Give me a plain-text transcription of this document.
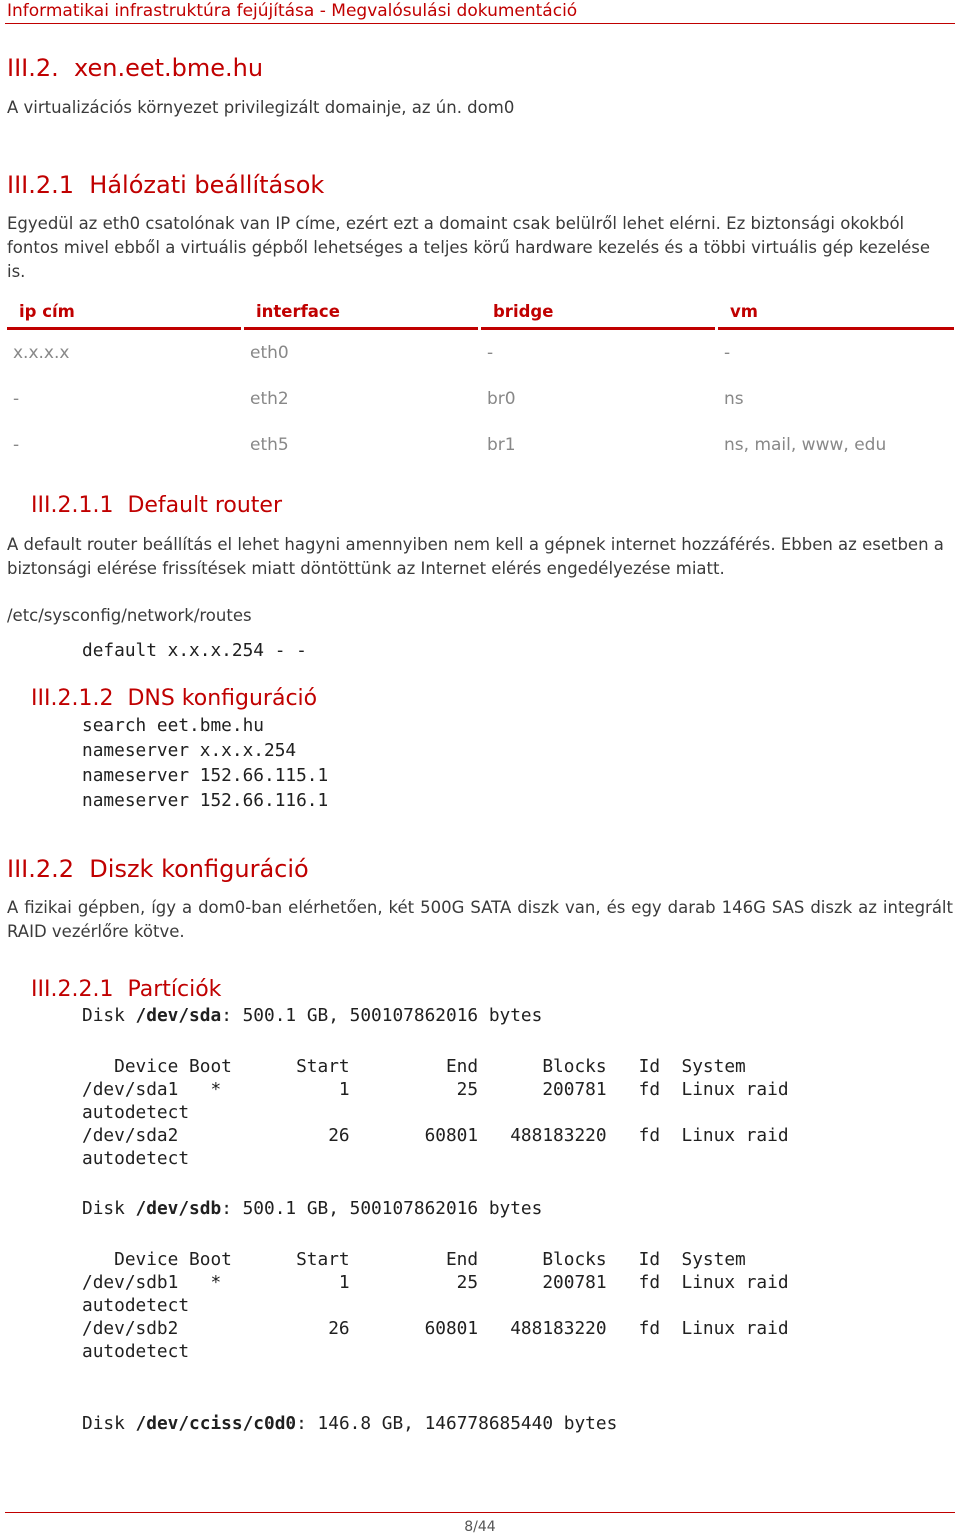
Informatikai infrastruktúra fejújítása - Megvalósulási dokumentáció
III.2. xen.eet.bme.hu
A virtualizációs környezet privilegizált domainje, az ún. dom0
III.2.1 Hálózati beállítások
Egyedül az eth0 csatolónak van IP címe, ezért ezt a domaint csak belülről lehet elérni. Ez biztonsági okokból fontos mivel ebből a virtuális gépből lehetséges a teljes körű hardware kezelés és a többi virtuális gép kezelése is.
ip cím	interface	bridge	vm
x.x.x.x	eth0	-	-
-	eth2	br0	ns
-	eth5	br1	ns, mail, www, edu
III.2.1.1 Default router
A default router beállítás el lehet hagyni amennyiben nem kell a gépnek internet hozzáférés. Ebben az esetben a biztonsági elérése frissítések miatt döntöttünk az Internet elérés engedélyezése miatt.
/etc/sysconfig/network/routes
default x.x.x.254 - -
III.2.1.2 DNS konfiguráció
search eet.bme.hu
nameserver x.x.x.254
nameserver 152.66.115.1
nameserver 152.66.116.1
III.2.2 Diszk konfiguráció
A fizikai gépben, így a dom0-ban elérhetően, két 500G SATA diszk van, és egy darab 146G SAS diszk az integrált RAID vezérlőre kötve.
III.2.2.1 Partíciók
Disk /dev/sda: 500.1 GB, 500107862016 bytes
Device Boot      Start         End      Blocks   Id  System
/dev/sda1   *           1          25      200781   fd  Linux raid
autodetect
/dev/sda2              26       60801   488183220   fd  Linux raid
autodetect
Disk /dev/sdb: 500.1 GB, 500107862016 bytes
Device Boot      Start         End      Blocks   Id  System
/dev/sdb1   *           1          25      200781   fd  Linux raid
autodetect
/dev/sdb2              26       60801   488183220   fd  Linux raid
autodetect
Disk /dev/cciss/c0d0: 146.8 GB, 146778685440 bytes
8/44
